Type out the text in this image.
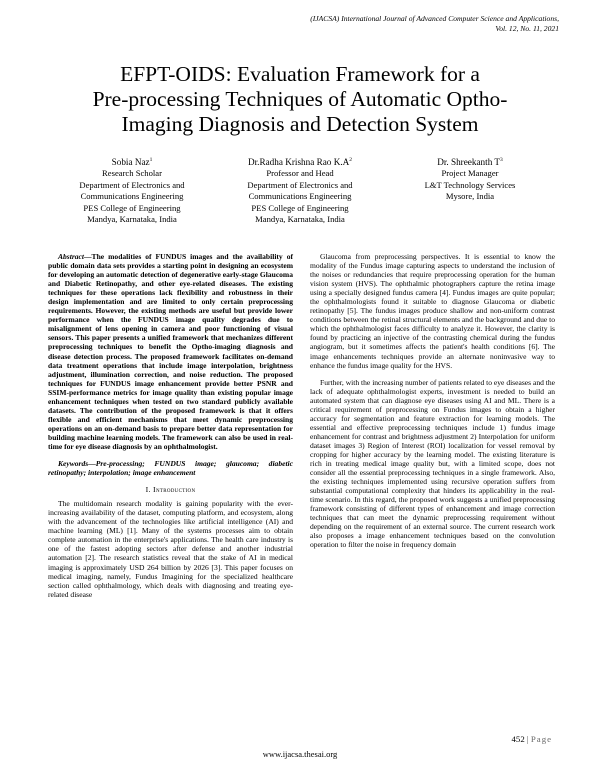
(IJACSA) International Journal of Advanced Computer Science and Applications,
Vol. 12, No. 11, 2021
EFPT-OIDS: Evaluation Framework for a
Pre-processing Techniques of Automatic Optho-
Imaging Diagnosis and Detection System
Sobia Naz$^1$
Research Scholar
Department of Electronics and
Communications Engineering
PES College of Engineering
Mandya, Karnataka, India
Dr.Radha Krishna Rao $K.A^2$
Professor and Head
Department of Electronics and
Communications Engineering
PES College of Engineering
Mandya, Karnataka, India
Dr. Shreekanth $T^3$
Project Manager
L&T Technology Services
Mysore, India

Abstract—The modalities of FUNDUS images and the availability of public domain data sets provides a starting point in designing an ecosystem for developing an automatic detection of degenerative early-stage Glaucoma and Diabetic Retinopathy, and other eye-related diseases. The existing techniques for these operations lack flexibility and robustness in their design implementation and are limited to only certain preprocessing requirements. However, the existing methods are useful but provide lower performance when the FUNDUS image quality degrades due to misalignment of lens opening in camera and poor functioning of visual sensors. This paper presents a unified framework that mechanizes different preprocessing techniques to benefit the Optho-imaging diagnosis and disease detection process. The proposed framework facilitates on-demand data treatment operations that include image interpolation, brightness adjustment, illumination correction, and noise reduction. The proposed techniques for FUNDUS image enhancement provide better PSNR and SSIM-performance metrics for image quality than existing popular image enhancement techniques when tested on two standard publicly available datasets. The contribution of the proposed framework is that it offers flexible and efficient mechanisms that meet dynamic preprocessing operations on an on-demand basis to prepare better data representation for building machine learning models. The framework can also be used in real-time for eye disease diagnosis by an ophthalmologist.

Keywords—Pre-processing; FUNDUS image; glaucoma; diabetic retinopathy; interpolation; image enhancement

I. Introduction

The multidomain research modality is gaining popularity with the ever-increasing availability of the dataset, computing platform, and ecosystem, along with the advancement of the technologies like artificial intelligence (AI) and machine learning (ML) [1]. Many of the systems processes aim to obtain complete automation in the enterprise's applications. The health care industry is one of the fastest adopting sectors after defense and another industrial automation [2]. The research statistics reveal that the stake of AI in medical imaging is approximately USD 264 billion by 2026 [3]. This paper focuses on medical imaging, namely, Fundus Imagining for the specialized healthcare section called ophthalmology, which deals with diagnosing and treating eye-related disease

Glaucoma from preprocessing perspectives. It is essential to know the modality of the Fundus image capturing aspects to understand the inclusion of the noises or redundancies that require preprocessing operation for the human vision system (HVS). The ophthalmic photographers capture the retina image using a specially designed fundus camera [4]. Fundus images are quite popular; the ophthalmologists found it suitable to diagnose Glaucoma or diabetic retinopathy [5]. The fundus images produce shallow and non-uniform contrast conditions between the retinal structural elements and the background and due to which the ophthalmologist faces difficulty to analyze it. However, the clarity is found by practicing an injective of the contrasting chemical during the fundus angiogram, but it sometimes affects the patient's health conditions [6]. The image enhancements techniques provide an alternate noninvasive way to enhance the fundus image quality for the HVS.

Further, with the increasing number of patients related to eye diseases and the lack of adequate ophthalmologist experts, investment is needed to build an automated system that can diagnose eye diseases using AI and ML. There is a critical requirement of preprocessing on Fundus images to obtain a higher accuracy for segmentation and feature extraction for learning models. The essential and effective preprocessing techniques include 1) fundus image enhancement for contrast and brightness adjustment 2) Interpolation for uniform dataset images 3) Region of Interest (ROI) localization for vessel removal by cropping for higher accuracy by the learning model. The existing literature is rich in treating medical image quality but, with a limited scope, does not consider all the essential preprocessing techniques in a single framework. Also, the existing techniques implemented using recursive operation suffers from substantial computational complexity that hinders its applicability in the real-time scenario. In this regard, the proposed work suggests a unified preprocessing framework consisting of different types of enhancement and image correction techniques that can meet the dynamic preprocessing requirement without depending on the requirement of an external source. The current research work also proposes a image enhancement techniques based on the convolution operation to filter the noise in frequency domain

452 | Page
www.ijacsa.thesai.org
